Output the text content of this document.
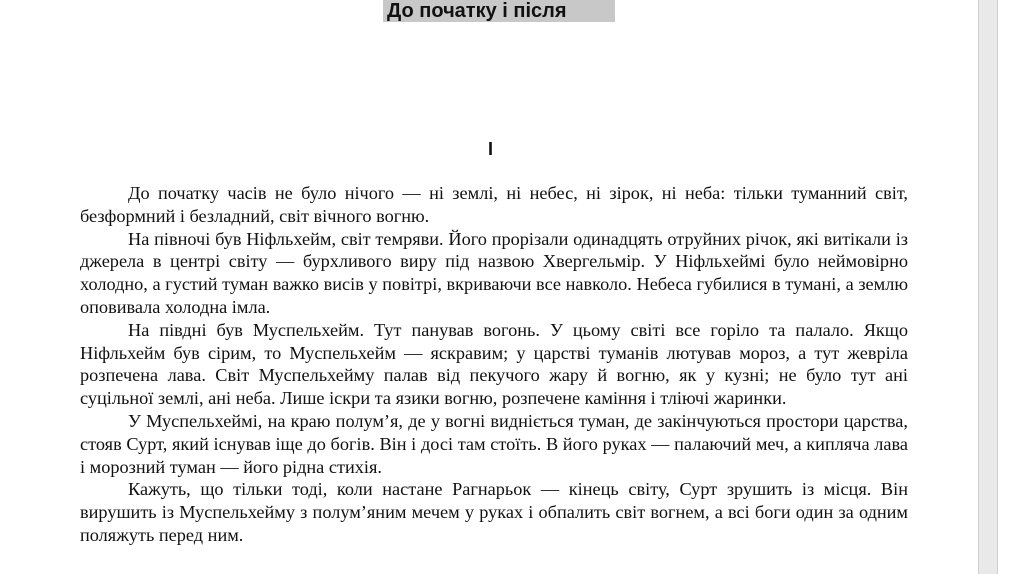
До початку і після
І

До початку часів не було нічого — ні землі, ні небес, ні зірок, ні неба: тільки туманний світ, безформний і безладний, світ вічного вогню.

На півночі був Ніфльхейм, світ темряви. Його прорізали одинадцять отруйних річок, які витікали із джерела в центрі світу — бурхливого виру під назвою Хвергельмір. У Ніфльхеймі було неймовірно холодно, а густий туман важко висів у повітрі, вкриваючи все навколо. Небеса губилися в тумані, а землю оповивала холодна імла.

На півдні був Муспельхейм. Тут панував вогонь. У цьому світі все горіло та палало. Якщо Ніфльхейм був сірим, то Муспельхейм — яскравим; у царстві туманів лютував мороз, а тут жевріла розпечена лава. Світ Муспельхейму палав від пекучого жару й вогню, як у кузні; не було тут ані суцільної землі, ані неба. Лише іскри та язики вогню, розпечене каміння і тліючі жаринки.

У Муспельхеймі, на краю полум’я, де у вогні видніється туман, де закінчуються простори царства, стояв Сурт, який існував іще до богів. Він і досі там стоїть. В його руках — палаючий меч, а кипляча лава і морозний туман — його рідна стихія.

Кажуть, що тільки тоді, коли настане Рагнарьок — кінець світу, Сурт зрушить із місця. Він вирушить із Муспельхейму з полум’яним мечем у руках і обпалить світ вогнем, а всі боги один за одним поляжуть перед ним.
